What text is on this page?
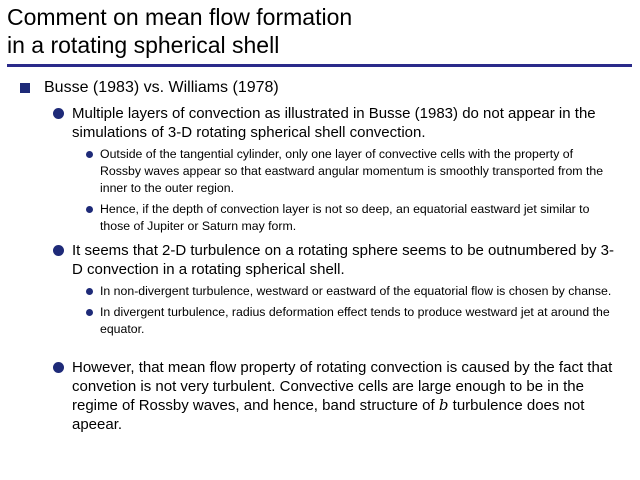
Comment on mean flow formation
in a rotating spherical shell
Busse (1983) vs. Williams (1978)
Multiple layers of convection as illustrated in Busse (1983) do not appear in the simulations of 3-D rotating spherical shell convection.
Outside of the tangential cylinder, only one layer of convective cells with the property of Rossby waves appear so that eastward angular momentum is smoothly transported from the inner to the outer region.
Hence, if the depth of convection layer is not so deep, an equatorial eastward jet similar to those of Jupiter or Saturn may form.
It seems that 2-D turbulence on a rotating sphere seems to be outnumbered by 3-D convection in a rotating spherical shell.
In non-divergent turbulence, westward or eastward of the equatorial flow is chosen by chanse.
In divergent turbulence, radius deformation effect tends to produce westward jet at around the equator.
However, that mean flow property of rotating convection is caused by the fact that convetion is not very turbulent. Convective cells are large enough to be in the regime of Rossby waves, and hence, band structure of b turbulence does not apeear.
